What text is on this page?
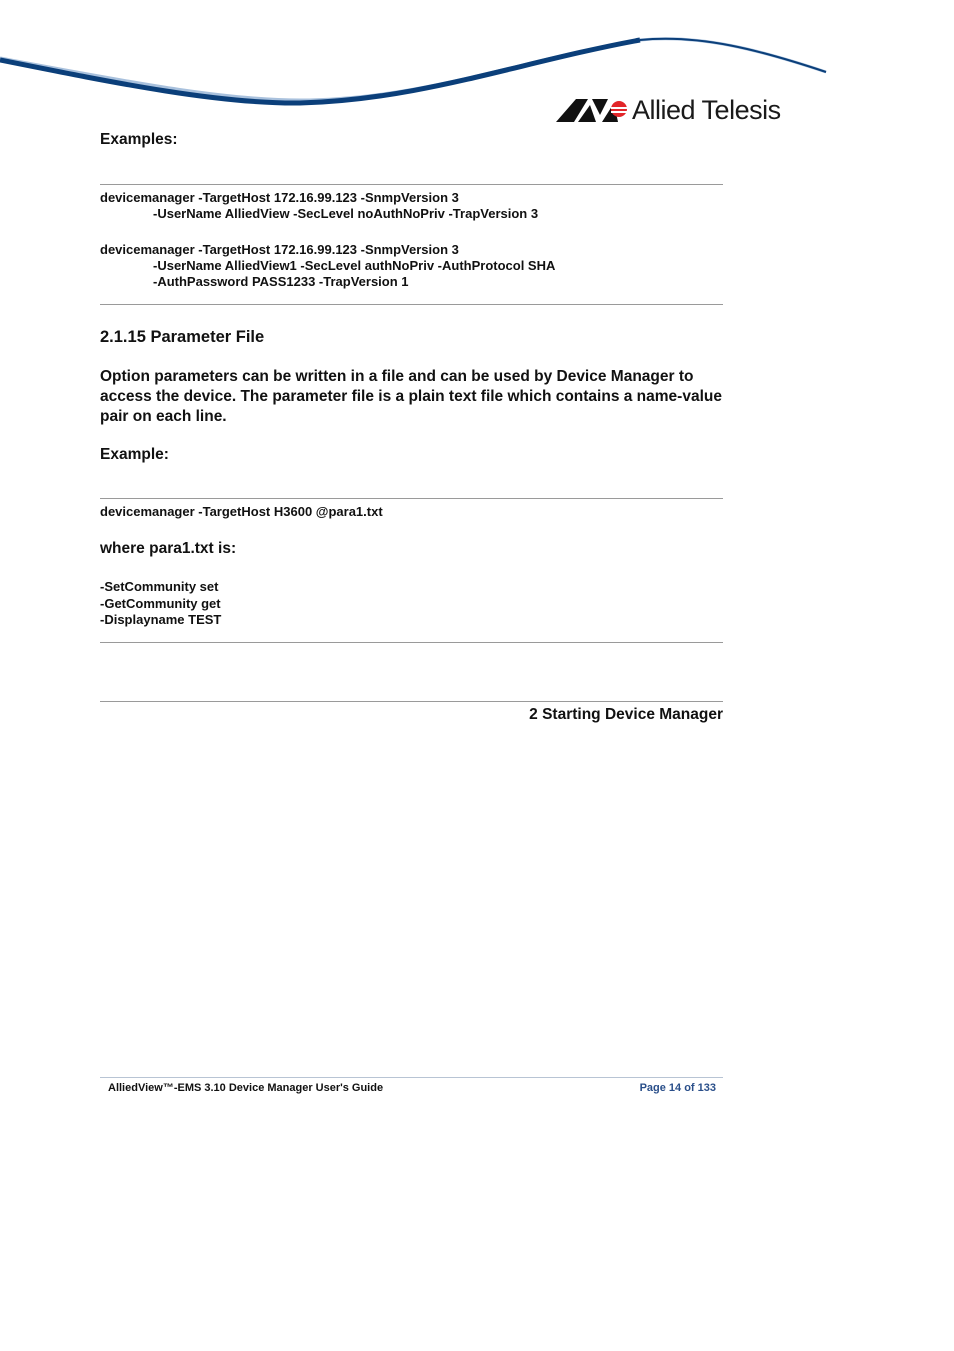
Allied Telesis
Examples:
devicemanager -TargetHost 172.16.99.123 -SnmpVersion 3
-UserName AlliedView -SecLevel noAuthNoPriv -TrapVersion 3
devicemanager -TargetHost 172.16.99.123 -SnmpVersion 3
-UserName AlliedView1 -SecLevel authNoPriv -AuthProtocol SHA
-AuthPassword PASS1233 -TrapVersion 1
2.1.15 Parameter File
Option parameters can be written in a file and can be used by Device Manager to access the device. The parameter file is a plain text file which contains a name-value pair on each line.
Example:
devicemanager -TargetHost H3600 @para1.txt
where para1.txt is:
-SetCommunity set
-GetCommunity get
-Displayname TEST
2 Starting Device Manager
AlliedView™-EMS 3.10 Device Manager User's Guide	Page 14 of 133
